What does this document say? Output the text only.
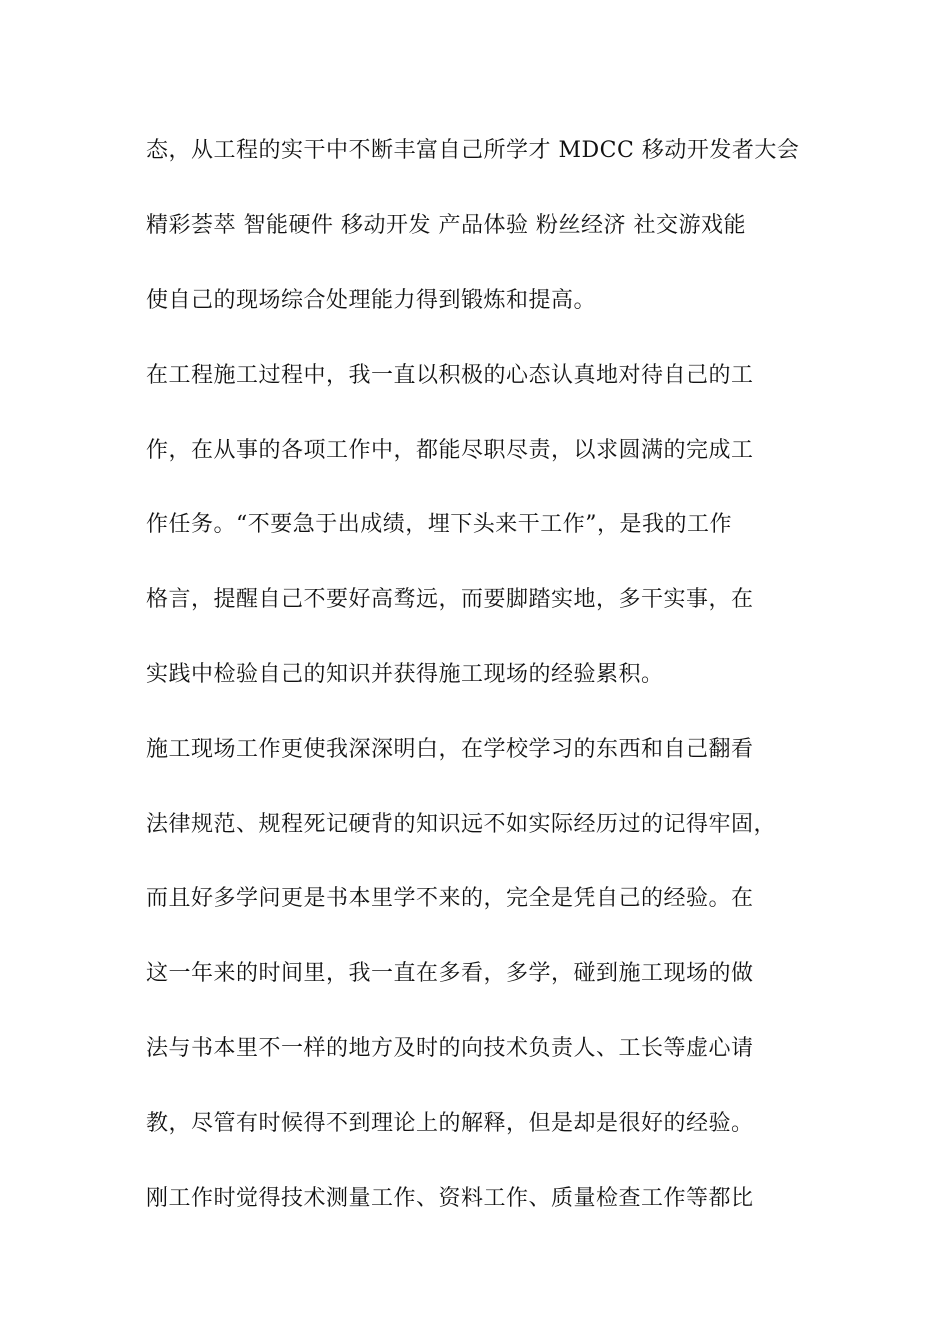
态，从工程的实干中不断丰富自己所学才 MDCC 移动开发者大会
精彩荟萃 智能硬件 移动开发 产品体验 粉丝经济 社交游戏能
使自己的现场综合处理能力得到锻炼和提高。
在工程施工过程中，我一直以积极的心态认真地对待自己的工
作，在从事的各项工作中，都能尽职尽责，以求圆满的完成工
作任务。“不要急于出成绩，埋下头来干工作”，是我的工作
格言，提醒自己不要好高骛远，而要脚踏实地，多干实事，在
实践中检验自己的知识并获得施工现场的经验累积。
施工现场工作更使我深深明白，在学校学习的东西和自己翻看
法律规范、规程死记硬背的知识远不如实际经历过的记得牢固，
而且好多学问更是书本里学不来的，完全是凭自己的经验。在
这一年来的时间里，我一直在多看，多学，碰到施工现场的做
法与书本里不一样的地方及时的向技术负责人、工长等虚心请
教，尽管有时候得不到理论上的解释，但是却是很好的经验。
刚工作时觉得技术测量工作、资料工作、质量检查工作等都比
